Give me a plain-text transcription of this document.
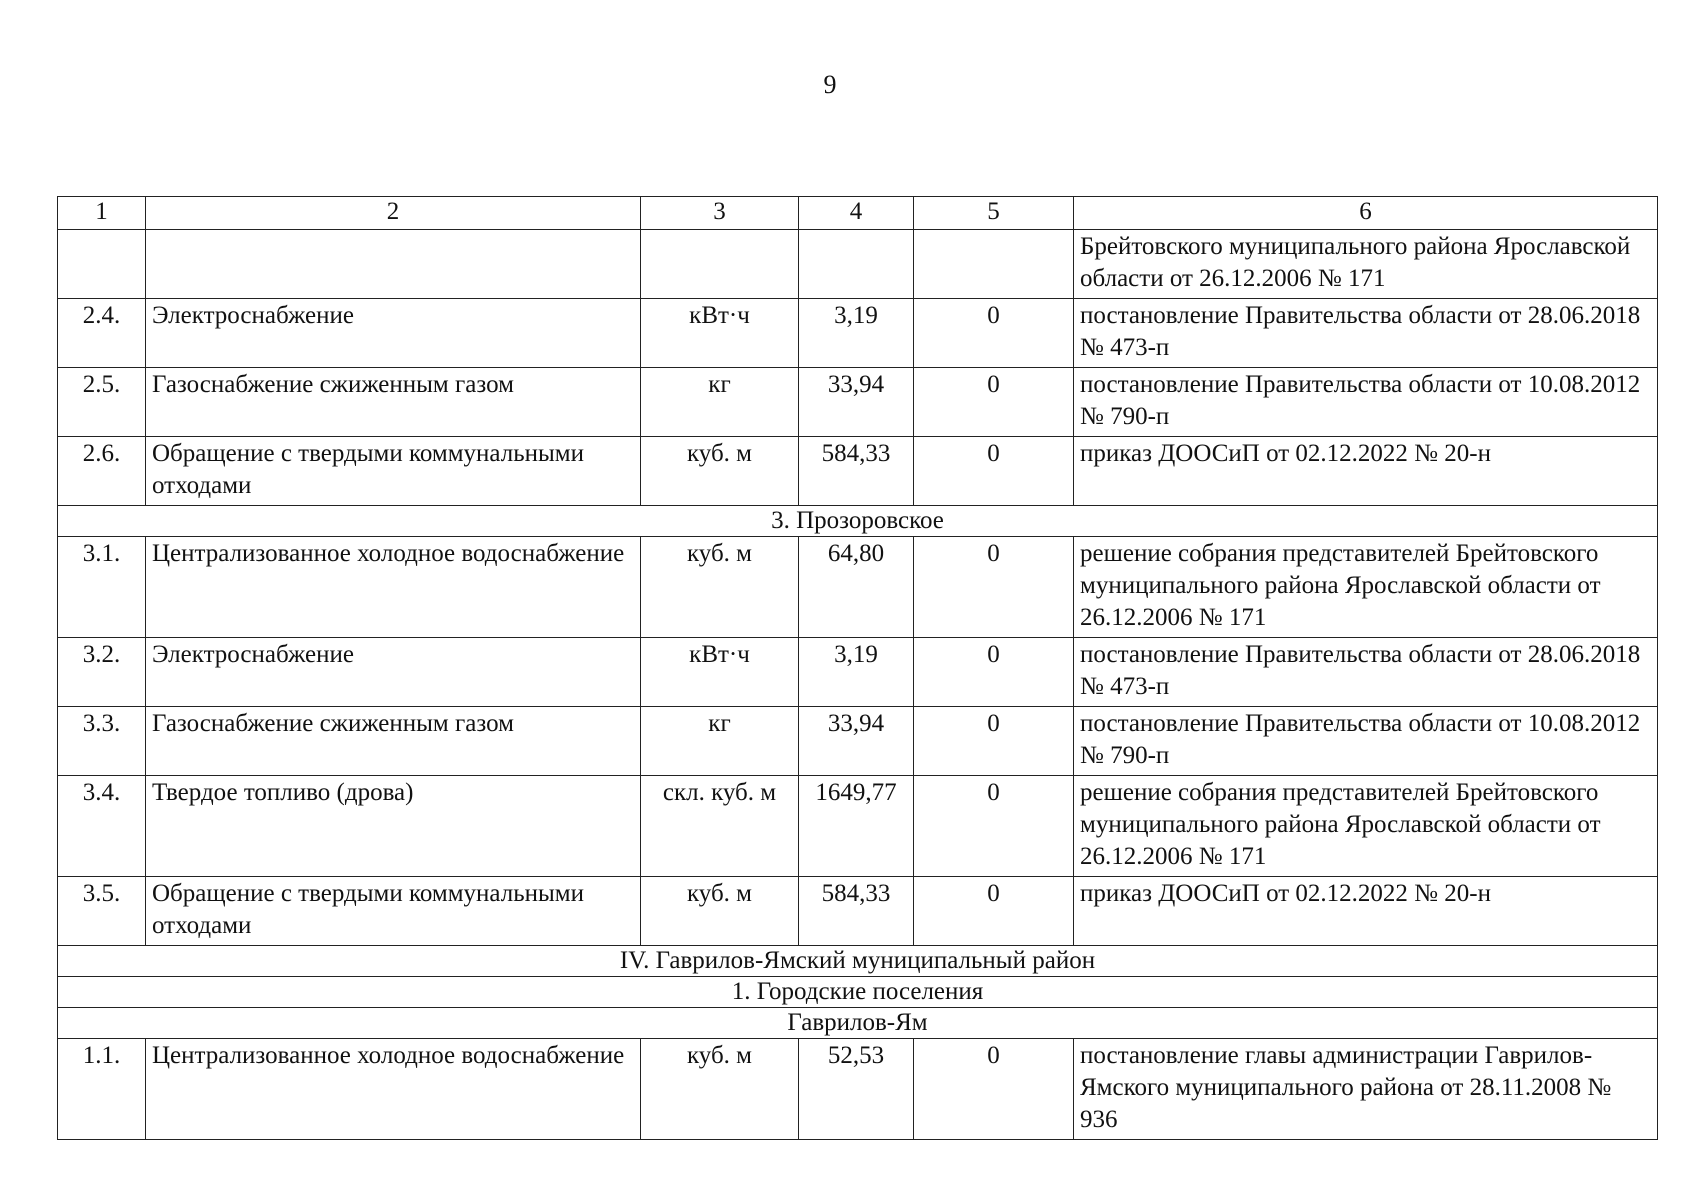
9
1	2	3	4	5	6
					Брейтовского муниципального района Ярославской области от 26.12.2006 № 171
2.4.	Электроснабжение	кВт·ч	3,19	0	постановление Правительства области от 28.06.2018 № 473-п
2.5.	Газоснабжение сжиженным газом	кг	33,94	0	постановление Правительства области от 10.08.2012 № 790-п
2.6.	Обращение с твердыми коммунальными отходами	куб. м	584,33	0	приказ ДООСиП от 02.12.2022 № 20-н
3. Прозоровское					
3.1.	Централизованное холодное водоснабжение	куб. м	64,80	0	решение собрания представителей Брейтовского муниципального района Ярославской области от 26.12.2006 № 171
3.2.	Электроснабжение	кВт·ч	3,19	0	постановление Правительства области от 28.06.2018 № 473-п
3.3.	Газоснабжение сжиженным газом	кг	33,94	0	постановление Правительства области от 10.08.2012 № 790-п
3.4.	Твердое топливо (дрова)	скл. куб. м	1649,77	0	решение собрания представителей Брейтовского муниципального района Ярославской области от 26.12.2006 № 171
3.5.	Обращение с твердыми коммунальными отходами	куб. м	584,33	0	приказ ДООСиП от 02.12.2022 № 20-н
IV. Гаврилов-Ямский муниципальный район					
1. Городские поселения					
Гаврилов-Ям					
1.1.	Централизованное холодное водоснабжение	куб. м	52,53	0	постановление главы администрации Гаврилов-Ямского муниципального района от 28.11.2008 № 936
